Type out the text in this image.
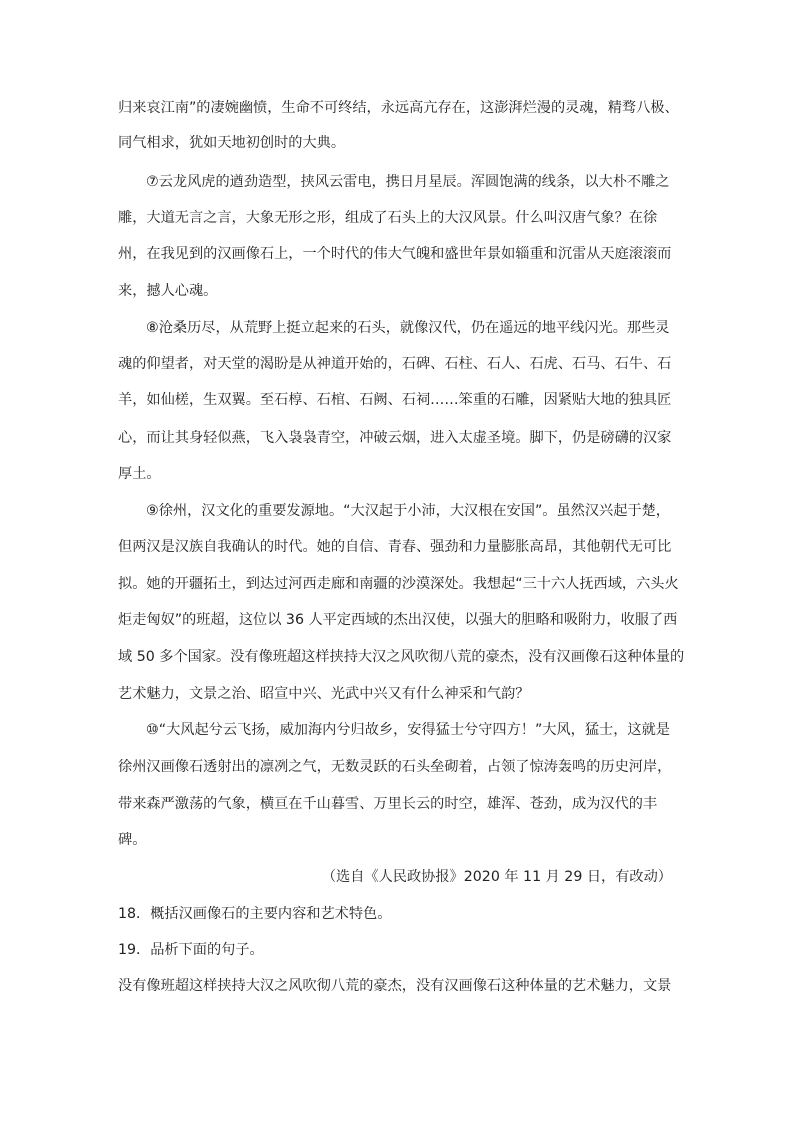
归来哀江南”的凄婉幽愤，生命不可终结，永远高亢存在，这澎湃烂漫的灵魂，精骛八极、
同气相求，犹如天地初创时的大典。
⑦云龙风虎的遒劲造型，挟风云雷电，携日月星辰。浑圆饱满的线条，以大朴不雕之
雕，大道无言之言，大象无形之形，组成了石头上的大汉风景。什么叫汉唐气象？在徐
州，在我见到的汉画像石上，一个时代的伟大气魄和盛世年景如辎重和沉雷从天庭滚滚而
来，撼人心魂。
⑧沧桑历尽，从荒野上挺立起来的石头，就像汉代，仍在遥远的地平线闪光。那些灵
魂的仰望者，对天堂的渴盼是从神道开始的，石碑、石柱、石人、石虎、石马、石牛、石
羊，如仙槎，生双翼。至石椁、石棺、石阙、石祠……笨重的石雕，因紧贴大地的独具匠
心，而让其身轻似燕，飞入袅袅青空，冲破云烟，进入太虚圣境。脚下，仍是磅礴的汉家
厚土。
⑨徐州，汉文化的重要发源地。“大汉起于小沛，大汉根在安国”。虽然汉兴起于楚，
但两汉是汉族自我确认的时代。她的自信、青春、强劲和力量膨胀高昂，其他朝代无可比
拟。她的开疆拓土，到达过河西走廊和南疆的沙漠深处。我想起“三十六人抚西域，六头火
炬走匈奴”的班超，这位以 36 人平定西域的杰出汉使，以强大的胆略和吸附力，收服了西
域 50 多个国家。没有像班超这样挟持大汉之风吹彻八荒的豪杰，没有汉画像石这种体量的
艺术魅力，文景之治、昭宣中兴、光武中兴又有什么神采和气韵？
⑩“大风起兮云飞扬，威加海内兮归故乡，安得猛士兮守四方！”大风，猛士，这就是
徐州汉画像石透射出的凛冽之气，无数灵跃的石头垒砌着，占领了惊涛轰鸣的历史河岸，
带来森严激荡的气象，横亘在千山暮雪、万里长云的时空，雄浑、苍劲，成为汉代的丰
碑。
（选自《人民政协报》2020 年 11 月 29 日，有改动）
18．概括汉画像石的主要内容和艺术特色。
19．品析下面的句子。
没有像班超这样挟持大汉之风吹彻八荒的豪杰，没有汉画像石这种体量的艺术魅力，文景
